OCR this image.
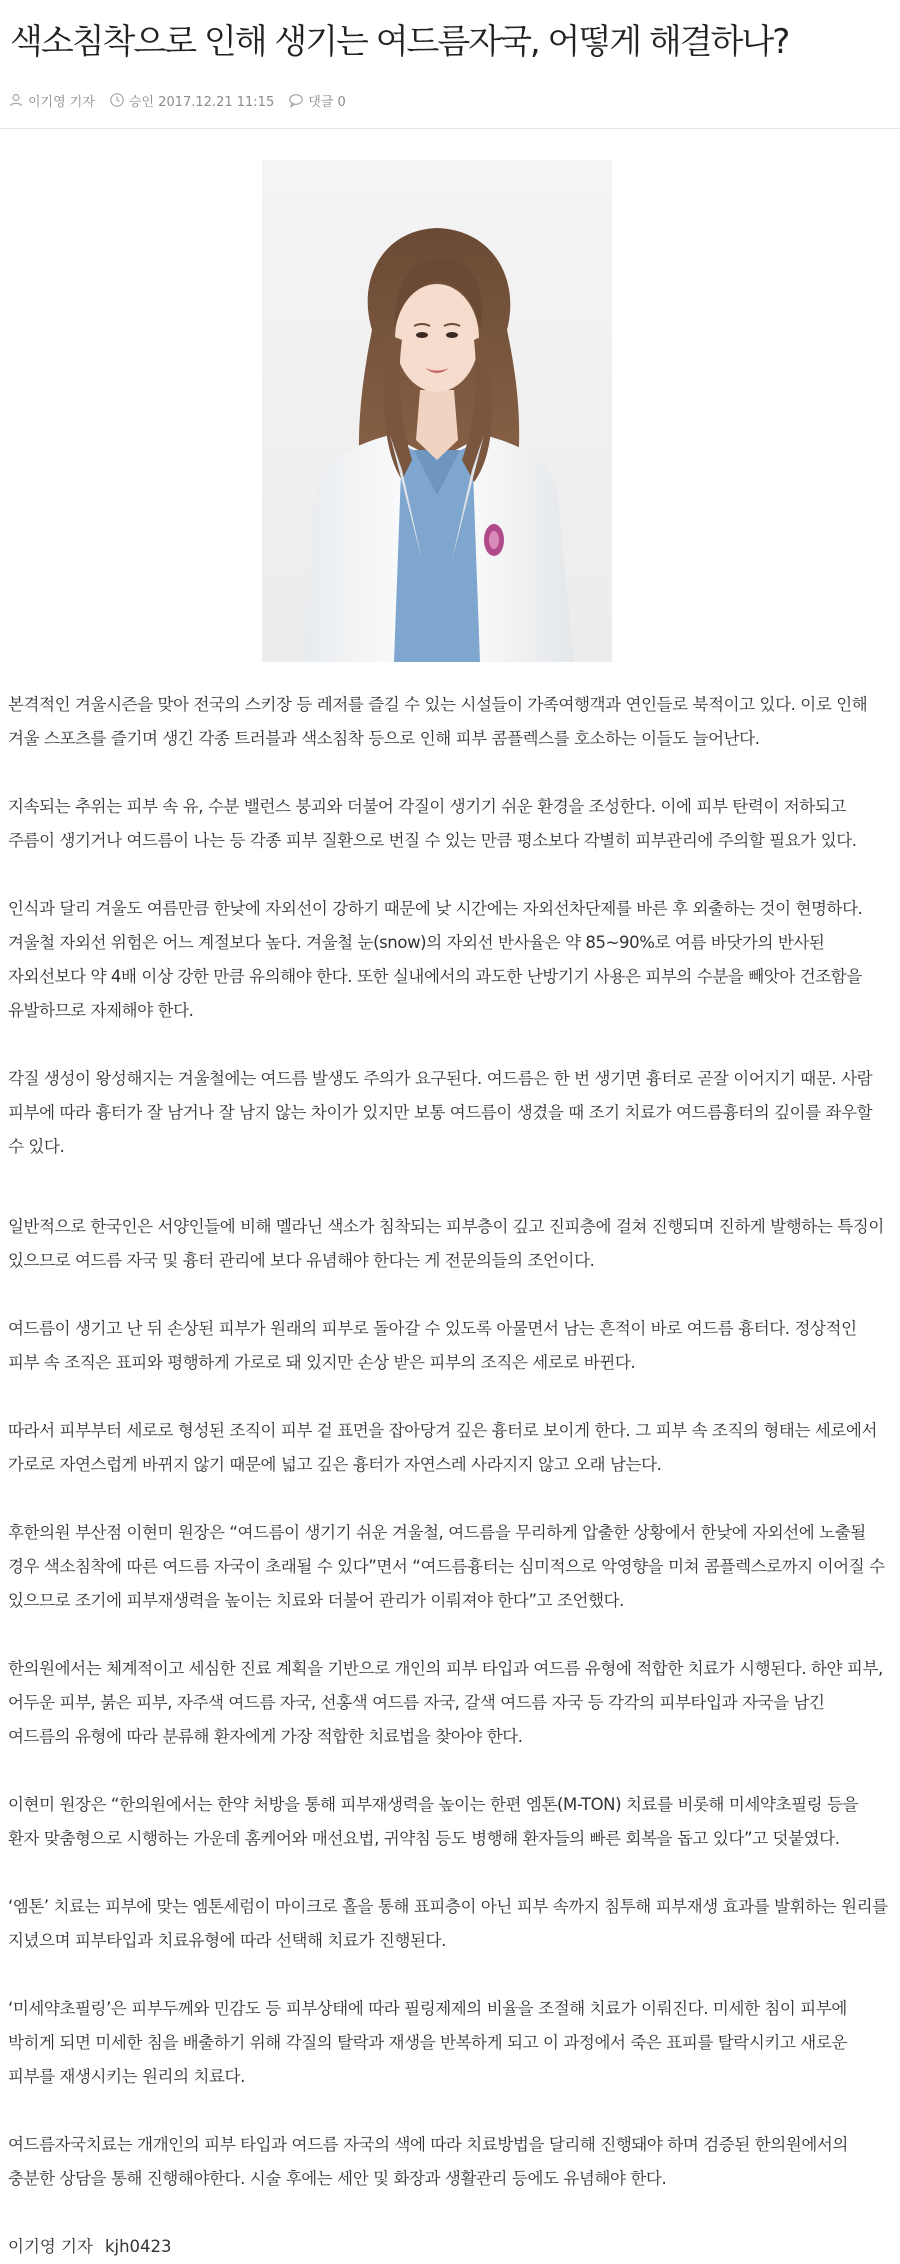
색소침착으로 인해 생기는 여드름자국, 어떻게 해결하나?
이기영 기자	승인 2017.12.21 11:15	댓글 0

본격적인 겨울시즌을 맞아 전국의 스키장 등 레저를 즐길 수 있는 시설들이 가족여행객과 연인들로 북적이고 있다. 이로 인해 겨울 스포츠를 즐기며 생긴 각종 트러블과 색소침착 등으로 인해 피부 콤플렉스를 호소하는 이들도 늘어난다.

지속되는 추위는 피부 속 유, 수분 밸런스 붕괴와 더불어 각질이 생기기 쉬운 환경을 조성한다. 이에 피부 탄력이 저하되고 주름이 생기거나 여드름이 나는 등 각종 피부 질환으로 번질 수 있는 만큼 평소보다 각별히 피부관리에 주의할 필요가 있다.

인식과 달리 겨울도 여름만큼 한낮에 자외선이 강하기 때문에 낮 시간에는 자외선차단제를 바른 후 외출하는 것이 현명하다. 겨울철 자외선 위험은 어느 계절보다 높다. 겨울철 눈(snow)의 자외선 반사율은 약 85~90%로 여름 바닷가의 반사된 자외선보다 약 4배 이상 강한 만큼 유의해야 한다. 또한 실내에서의 과도한 난방기기 사용은 피부의 수분을 빼앗아 건조함을 유발하므로 자제해야 한다.

각질 생성이 왕성해지는 겨울철에는 여드름 발생도 주의가 요구된다. 여드름은 한 번 생기면 흉터로 곧잘 이어지기 때문. 사람 피부에 따라 흉터가 잘 남거나 잘 남지 않는 차이가 있지만 보통 여드름이 생겼을 때 조기 치료가 여드름흉터의 깊이를 좌우할 수 있다.

일반적으로 한국인은 서양인들에 비해 멜라닌 색소가 침착되는 피부층이 깊고 진피층에 걸쳐 진행되며 진하게 발행하는 특징이 있으므로 여드름 자국 및 흉터 관리에 보다 유념해야 한다는 게 전문의들의 조언이다.

여드름이 생기고 난 뒤 손상된 피부가 원래의 피부로 돌아갈 수 있도록 아물면서 남는 흔적이 바로 여드름 흉터다. 정상적인 피부 속 조직은 표피와 평행하게 가로로 돼 있지만 손상 받은 피부의 조직은 세로로 바뀐다.

따라서 피부부터 세로로 형성된 조직이 피부 겉 표면을 잡아당겨 깊은 흉터로 보이게 한다. 그 피부 속 조직의 형태는 세로에서 가로로 자연스럽게 바뀌지 않기 때문에 넓고 깊은 흉터가 자연스레 사라지지 않고 오래 남는다.

후한의원 부산점 이현미 원장은 “여드름이 생기기 쉬운 겨울철, 여드름을 무리하게 압출한 상황에서 한낮에 자외선에 노출될 경우 색소침착에 따른 여드름 자국이 초래될 수 있다”면서 “여드름흉터는 심미적으로 악영향을 미쳐 콤플렉스로까지 이어질 수 있으므로 조기에 피부재생력을 높이는 치료와 더불어 관리가 이뤄져야 한다”고 조언했다.

한의원에서는 체계적이고 세심한 진료 계획을 기반으로 개인의 피부 타입과 여드름 유형에 적합한 치료가 시행된다. 하얀 피부, 어두운 피부, 붉은 피부, 자주색 여드름 자국, 선홍색 여드름 자국, 갈색 여드름 자국 등 각각의 피부타입과 자국을 남긴 여드름의 유형에 따라 분류해 환자에게 가장 적합한 치료법을 찾아야 한다.

이현미 원장은 “한의원에서는 한약 처방을 통해 피부재생력을 높이는 한편 엠톤(M-TON) 치료를 비롯해 미세약초필링 등을 환자 맞춤형으로 시행하는 가운데 홈케어와 매선요법, 귀약침 등도 병행해 환자들의 빠른 회복을 돕고 있다”고 덧붙였다.

‘엠톤’ 치료는 피부에 맞는 엠톤세럼이 마이크로 홀을 통해 표피층이 아닌 피부 속까지 침투해 피부재생 효과를 발휘하는 원리를 지녔으며 피부타입과 치료유형에 따라 선택해 치료가 진행된다.

‘미세약초필링’은 피부두께와 민감도 등 피부상태에 따라 필링제제의 비율을 조절해 치료가 이뤄진다. 미세한 침이 피부에 박히게 되면 미세한 침을 배출하기 위해 각질의 탈락과 재생을 반복하게 되고 이 과정에서 죽은 표피를 탈락시키고 새로운 피부를 재생시키는 원리의 치료다.

여드름자국치료는 개개인의 피부 타입과 여드름 자국의 색에 따라 치료방법을 달리해 진행돼야 하며 검증된 한의원에서의 충분한 상담을 통해 진행해야한다. 시술 후에는 세안 및 화장과 생활관리 등에도 유념해야 한다.

이기영 기자 kjh0423
